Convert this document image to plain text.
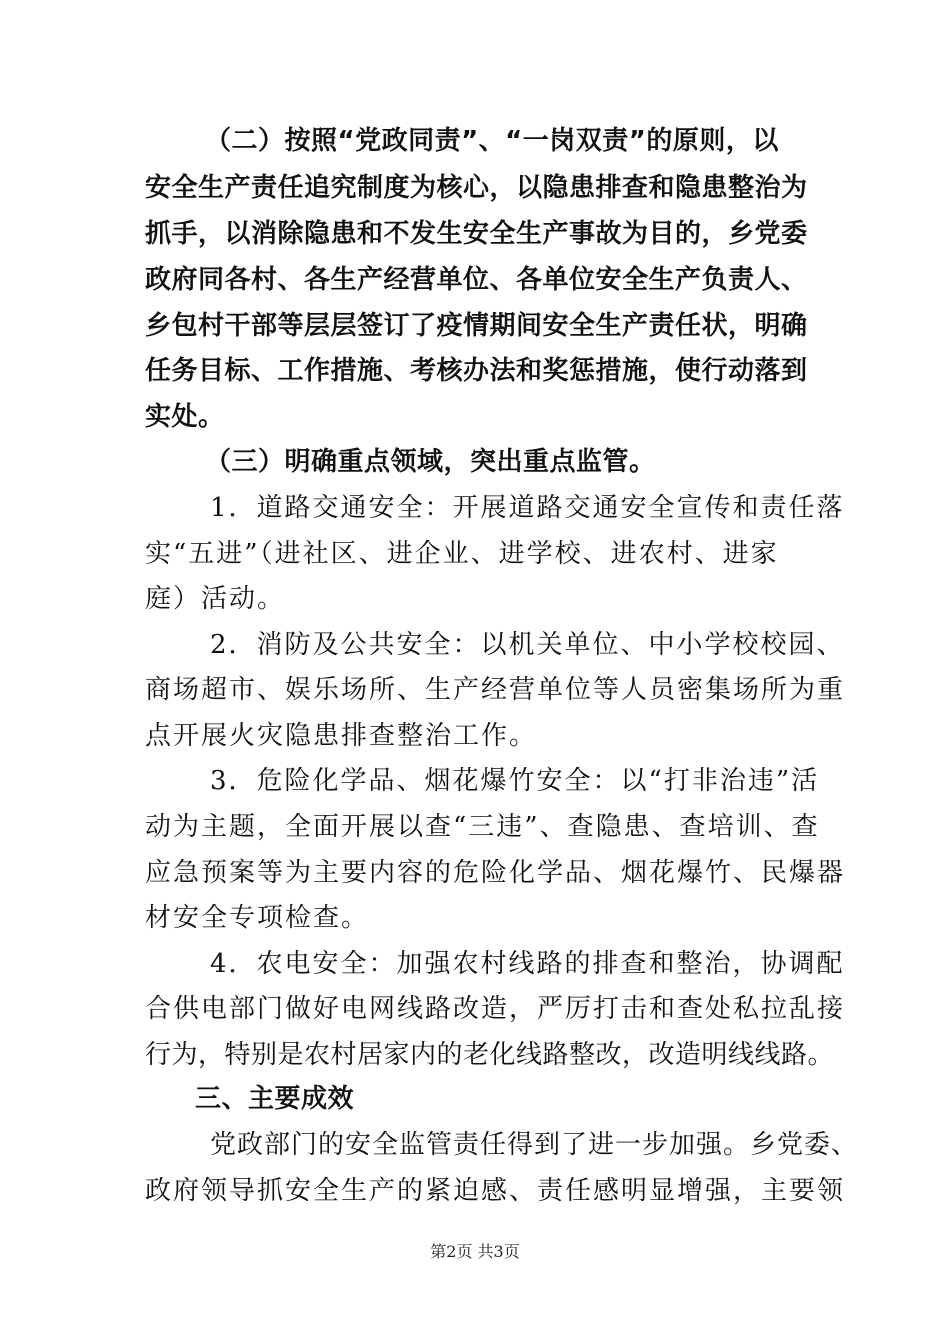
（二）按照“党政同责”、“一岗双责”的原则，以
安全生产责任追究制度为核心，以隐患排查和隐患整治为
抓手，以消除隐患和不发生安全生产事故为目的，乡党委
政府同各村、各生产经营单位、各单位安全生产负责人、
乡包村干部等层层签订了疫情期间安全生产责任状，明确
任务目标、工作措施、考核办法和奖惩措施，使行动落到
实处。
（三）明确重点领域，突出重点监管。
1．道路交通安全：开展道路交通安全宣传和责任落
实“五进”（进社区、进企业、进学校、进农村、进家
庭）活动。
2．消防及公共安全：以机关单位、中小学校校园、
商场超市、娱乐场所、生产经营单位等人员密集场所为重
点开展火灾隐患排查整治工作。
3．危险化学品、烟花爆竹安全：以“打非治违”活
动为主题，全面开展以查“三违”、查隐患、查培训、查
应急预案等为主要内容的危险化学品、烟花爆竹、民爆器
材安全专项检查。
4．农电安全：加强农村线路的排查和整治，协调配
合供电部门做好电网线路改造，严厉打击和查处私拉乱接
行为，特别是农村居家内的老化线路整改，改造明线线路。
三、主要成效
党政部门的安全监管责任得到了进一步加强。乡党委、
政府领导抓安全生产的紧迫感、责任感明显增强，主要领
第2页 共3页
